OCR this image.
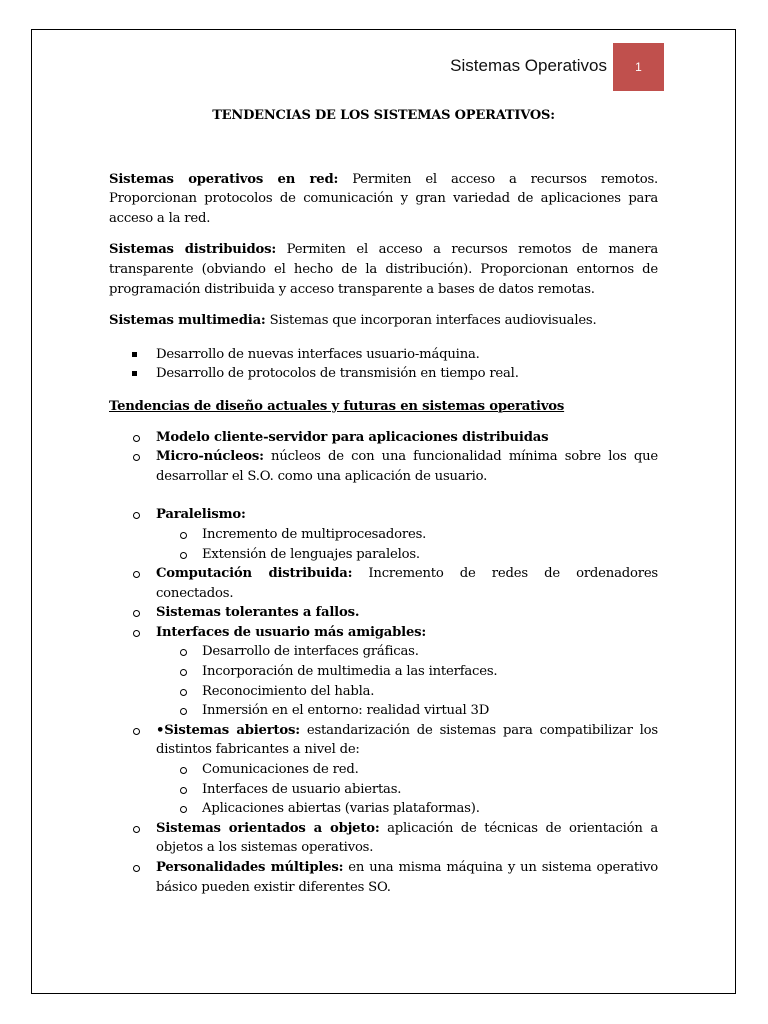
Sistemas Operativos 1

TENDENCIAS DE LOS SISTEMAS OPERATIVOS:

Sistemas operativos en red: Permiten el acceso a recursos remotos. Proporcionan protocolos de comunicación y gran variedad de aplicaciones para acceso a la red.

Sistemas distribuidos: Permiten el acceso a recursos remotos de manera transparente (obviando el hecho de la distribución). Proporcionan entornos de programación distribuida y acceso transparente a bases de datos remotas.

Sistemas multimedia: Sistemas que incorporan interfaces audiovisuales.

Desarrollo de nuevas interfaces usuario-máquina.
Desarrollo de protocolos de transmisión en tiempo real.

Tendencias de diseño actuales y futuras en sistemas operativos

Modelo cliente-servidor para aplicaciones distribuidas
Micro-núcleos: núcleos de con una funcionalidad mínima sobre los que desarrollar el S.O. como una aplicación de usuario.
Paralelismo:
Incremento de multiprocesadores.
Extensión de lenguajes paralelos.
Computación distribuida: Incremento de redes de ordenadores conectados.
Sistemas tolerantes a fallos.
Interfaces de usuario más amigables:
Desarrollo de interfaces gráficas.
Incorporación de multimedia a las interfaces.
Reconocimiento del habla.
Inmersión en el entorno: realidad virtual 3D
•Sistemas abiertos: estandarización de sistemas para compatibilizar los distintos fabricantes a nivel de:
Comunicaciones de red.
Interfaces de usuario abiertas.
Aplicaciones abiertas (varias plataformas).
Sistemas orientados a objeto: aplicación de técnicas de orientación a objetos a los sistemas operativos.
Personalidades múltiples: en una misma máquina y un sistema operativo básico pueden existir diferentes SO.
